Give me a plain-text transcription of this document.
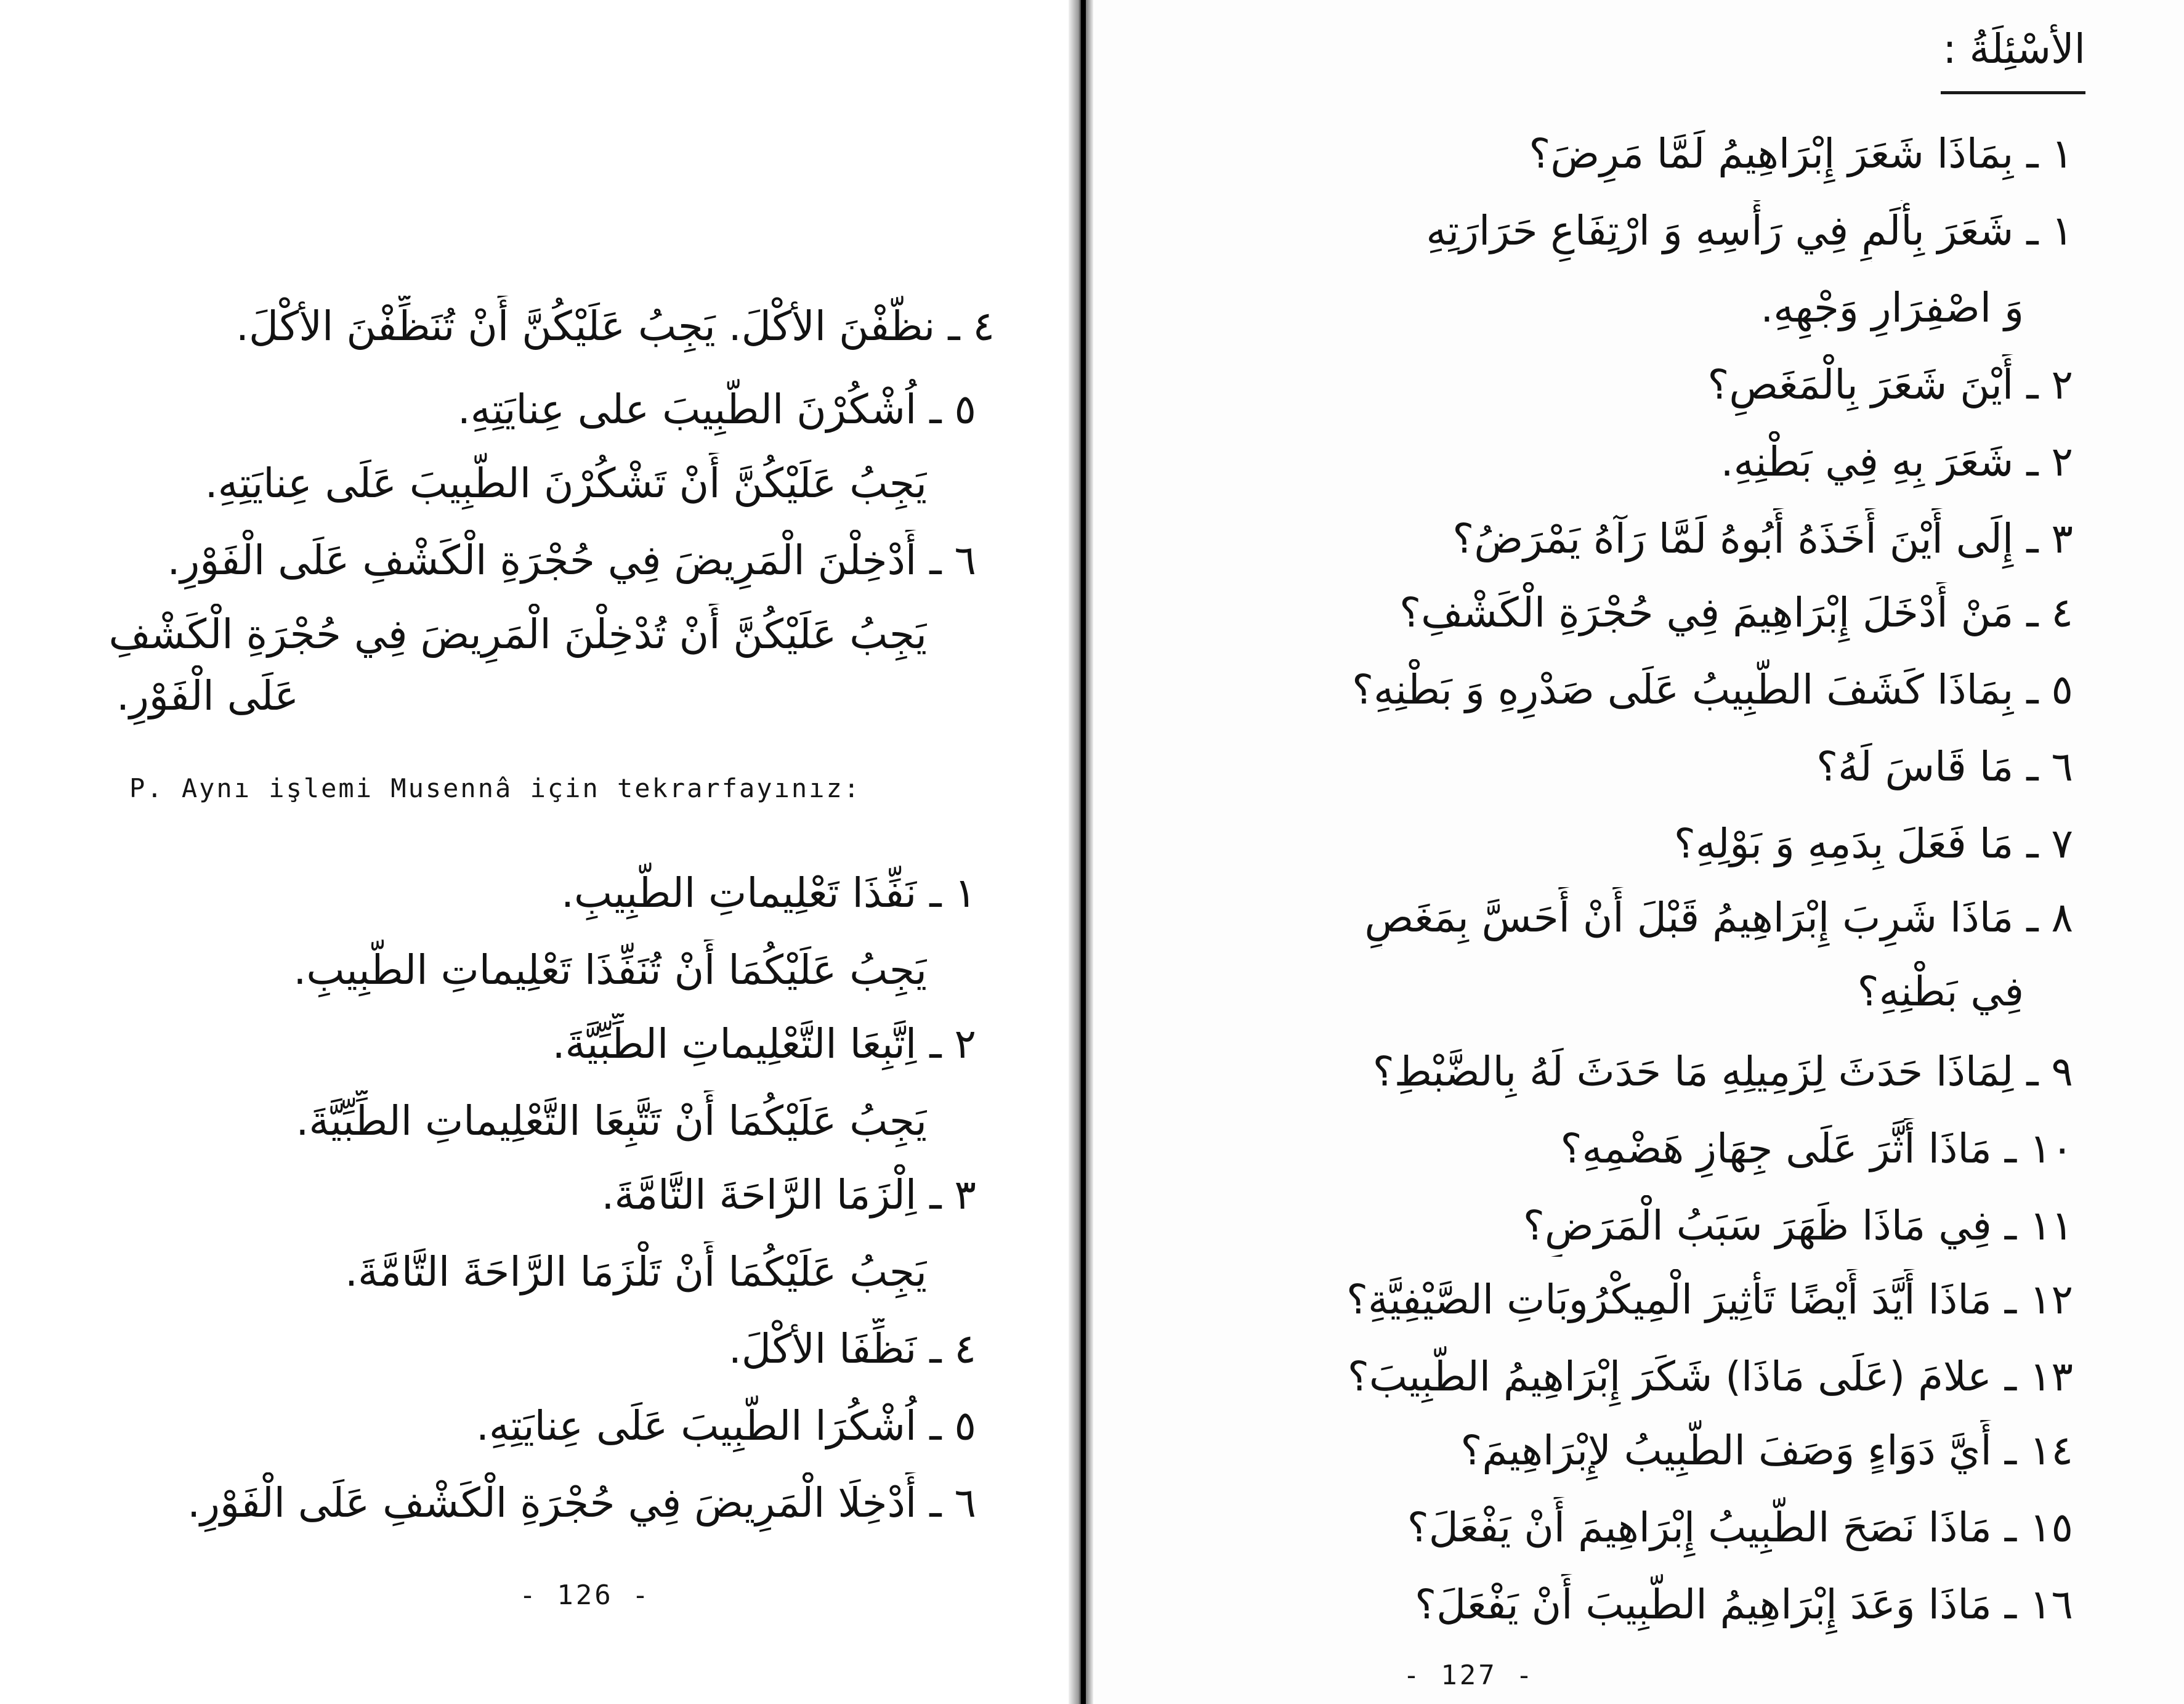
٤ ـ نظّفْنَ الأكْلَ. يَجِبُ عَلَيْكُنَّ أَنْ تُنَظِّفْنَ الأكْلَ.
٥ ـ اُشْكُرْنَ الطَّبِيبَ على عِنايَتِهِ.
يَجِبُ عَلَيْكُنَّ أَنْ تَشْكُرْنَ الطَّبِيبَ عَلَى عِنايَتِهِ.
٦ ـ أَدْخِلْنَ الْمَرِيضَ فِي حُجْرَةِ الْكَشْفِ عَلَى الْفَوْرِ.
يَجِبُ عَلَيْكُنَّ أَنْ تُدْخِلْنَ الْمَرِيضَ فِي حُجْرَةِ الْكَشْفِ
عَلَى الْفَوْرِ.
P. Aynı işlemi Musennâ için tekrarfayınız:
١ ـ نَفِّذَا تَعْلِيماتِ الطَّبِيبِ.
يَجِبُ عَلَيْكُمَا أَنْ تُنَفِّذَا تَعْلِيماتِ الطَّبِيبِ.
٢ ـ اِتَّبِعَا التَّعْلِيماتِ الطِّبِّيَّةَ.
يَجِبُ عَلَيْكُمَا أَنْ تَتَّبِعَا التَّعْلِيماتِ الطِّبِّيَّةَ.
٣ ـ اِلْزَمَا الرَّاحَةَ التَّامَّةَ.
يَجِبُ عَلَيْكُمَا أَنْ تَلْزَمَا الرَّاحَةَ التَّامَّةَ.
٤ ـ نَظِّفَا الأكْلَ.
٥ ـ اُشْكُرَا الطَّبِيبَ عَلَى عِنايَتِهِ.
٦ ـ أَدْخِلَا الْمَرِيضَ فِي حُجْرَةِ الْكَشْفِ عَلَى الْفَوْرِ.
- 126 -
الأسْئِلَةُ :
١ ـ بِمَاذَا شَعَرَ إِبْرَاهِيمُ لَمَّا مَرِضَ؟
١ ـ شَعَرَ بِأَلَمٍ فِي رَأْسِهِ وَ ارْتِفَاعِ حَرَارَتِهِ
وَ اصْفِرَارِ وَجْهِهِ.
٢ ـ أَيْنَ شَعَرَ بِالْمَغَصِ؟
٢ ـ شَعَرَ بِهِ فِي بَطْنِهِ.
٣ ـ إِلَى أَيْنَ أَخَذَهُ أَبُوهُ لَمَّا رَآهُ يَمْرَضُ؟
٤ ـ مَنْ أَدْخَلَ إِبْرَاهِيمَ فِي حُجْرَةِ الْكَشْفِ؟
٥ ـ بِمَاذَا كَشَفَ الطَّبِيبُ عَلَى صَدْرِهِ وَ بَطْنِهِ؟
٦ ـ مَا قَاسَ لَهُ؟
٧ ـ مَا فَعَلَ بِدَمِهِ وَ بَوْلِهِ؟
٨ ـ مَاذَا شَرِبَ إِبْرَاهِيمُ قَبْلَ أَنْ أَحَسَّ بِمَغَصٍ
فِي بَطْنِهِ؟
٩ ـ لِمَاذَا حَدَثَ لِزَمِيلِهِ مَا حَدَثَ لَهُ بِالضَّبْطِ؟
١٠ ـ مَاذَا أَثَّرَ عَلَى جِهَازِ هَضْمِهِ؟
١١ ـ فِي مَاذَا ظَهَرَ سَبَبُ الْمَرَضِ؟
١٢ ـ مَاذَا أَيَّدَ أَيْضًا تَأْثِيرَ الْمِيكْرُوبَاتِ الصَّيْفِيَّةِ؟
١٣ ـ علامَ (عَلَى مَاذَا) شَكَرَ إِبْرَاهِيمُ الطَّبِيبَ؟
١٤ ـ أَيَّ دَوَاءٍ وَصَفَ الطَّبِيبُ لإِبْرَاهِيمَ؟
١٥ ـ مَاذَا نَصَحَ الطَّبِيبُ إِبْرَاهِيمَ أَنْ يَفْعَلَ؟
١٦ ـ مَاذَا وَعَدَ إِبْرَاهِيمُ الطَّبِيبَ أَنْ يَفْعَلَ؟
- 127 -
